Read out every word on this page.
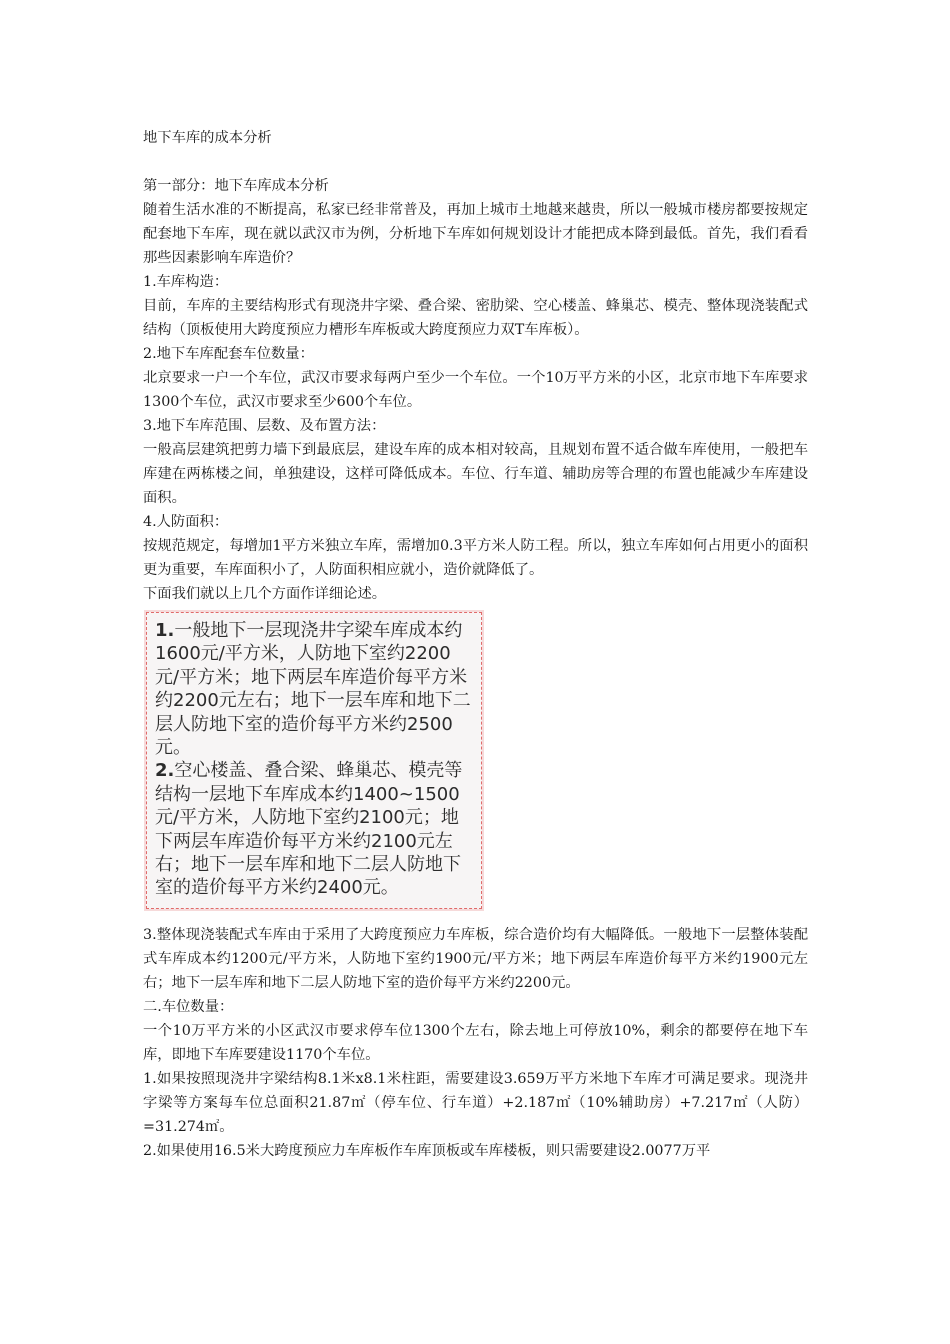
地下车库的成本分析

第一部分：地下车库成本分析

随着生活水准的不断提高，私家已经非常普及，再加上城市土地越来越贵，所以一般城市楼房都要按规定配套地下车库，现在就以武汉市为例，分析地下车库如何规划设计才能把成本降到最低。首先，我们看看那些因素影响车库造价？

1.车库构造：

目前，车库的主要结构形式有现浇井字梁、叠合梁、密肋梁、空心楼盖、蜂巢芯、模壳、整体现浇装配式结构（顶板使用大跨度预应力槽形车库板或大跨度预应力双T车库板）。

2.地下车库配套车位数量：

北京要求一户一个车位，武汉市要求每两户至少一个车位。一个10万平方米的小区，北京市地下车库要求1300个车位，武汉市要求至少600个车位。

3.地下车库范围、层数、及布置方法：

一般高层建筑把剪力墙下到最底层，建设车库的成本相对较高，且规划布置不适合做车库使用，一般把车库建在两栋楼之间，单独建设，这样可降低成本。车位、行车道、辅助房等合理的布置也能减少车库建设面积。

4.人防面积：

按规范规定，每增加1平方米独立车库，需增加0.3平方米人防工程。所以，独立车库如何占用更小的面积更为重要，车库面积小了，人防面积相应就小，造价就降低了。

下面我们就以上几个方面作详细论述。

1.一般地下一层现浇井字梁车库成本约1600元/平方米，人防地下室约2200元/平方米；地下两层车库造价每平方米约2200元左右；地下一层车库和地下二层人防地下室的造价每平方米约2500元。

2.空心楼盖、叠合梁、蜂巢芯、模壳等结构一层地下车库成本约1400~1500元/平方米，人防地下室约2100元；地下两层车库造价每平方米约2100元左右；地下一层车库和地下二层人防地下室的造价每平方米约2400元。

3.整体现浇装配式车库由于采用了大跨度预应力车库板，综合造价均有大幅降低。一般地下一层整体装配式车库成本约1200元/平方米，人防地下室约1900元/平方米；地下两层车库造价每平方米约1900元左右；地下一层车库和地下二层人防地下室的造价每平方米约2200元。

二.车位数量：

一个10万平方米的小区武汉市要求停车位1300个左右，除去地上可停放10%，剩余的都要停在地下车库，即地下车库要建设1170个车位。

1.如果按照现浇井字梁结构8.1米x8.1米柱距，需要建设3.659万平方米地下车库才可满足要求。现浇井字梁等方案每车位总面积21.87㎡（停车位、行车道）+2.187㎡（10%辅助房）+7.217㎡（人防）=31.274㎡。

2.如果使用16.5米大跨度预应力车库板作车库顶板或车库楼板，则只需要建设2.0077万平
